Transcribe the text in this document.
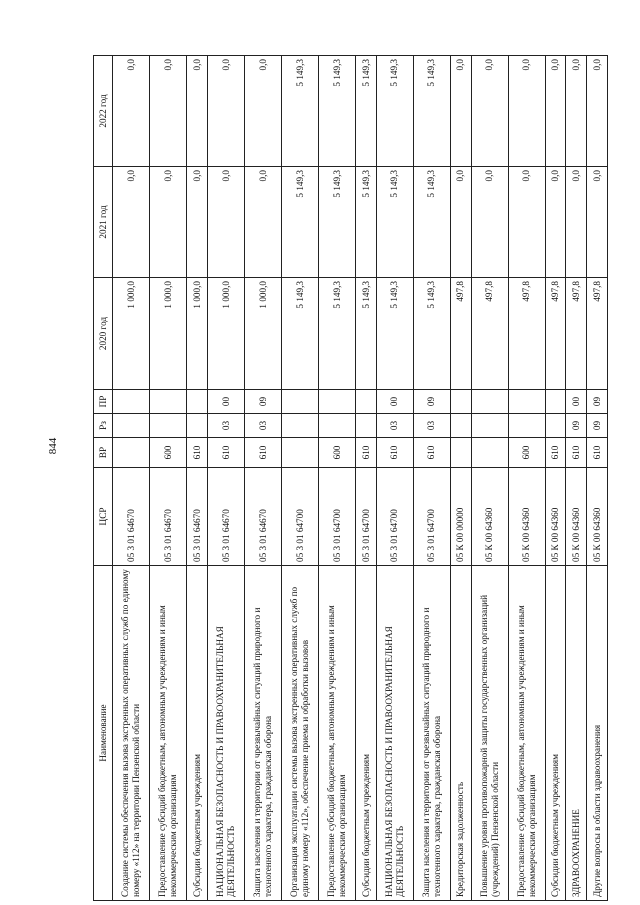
844
Наименование	ЦСР	ВР	Рз	ПР	2020 год	2021 год	2022 год
Создание системы обеспечения вызова экстренных оперативных служб по единому номеру «112» на территории Пензенской области	05 3 01 64670				1 000,0	0,0	0,0
Предоставление субсидий бюджетным, автономным учреждениям и иным некоммерческим организациям	05 3 01 64670	600			1 000,0	0,0	0,0
Субсидии бюджетным учреждениям	05 3 01 64670	610			1 000,0	0,0	0,0
НАЦИОНАЛЬНАЯ БЕЗОПАСНОСТЬ И ПРАВООХРАНИТЕЛЬНАЯ ДЕЯТЕЛЬНОСТЬ	05 3 01 64670	610	03	00	1 000,0	0,0	0,0
Защита населения и территории от чрезвычайных ситуаций природного и техногенного характера, гражданская оборона	05 3 01 64670	610	03	09	1 000,0	0,0	0,0
Организация эксплуатации системы вызова экстренных оперативных служб по единому номеру «112», обеспечение приема и обработки вызовов	05 3 01 64700				5 149,3	5 149,3	5 149,3
Предоставление субсидий бюджетным, автономным учреждениям и иным некоммерческим организациям	05 3 01 64700	600			5 149,3	5 149,3	5 149,3
Субсидии бюджетным учреждениям	05 3 01 64700	610			5 149,3	5 149,3	5 149,3
НАЦИОНАЛЬНАЯ БЕЗОПАСНОСТЬ И ПРАВООХРАНИТЕЛЬНАЯ ДЕЯТЕЛЬНОСТЬ	05 3 01 64700	610	03	00	5 149,3	5 149,3	5 149,3
Защита населения и территории от чрезвычайных ситуаций природного и техногенного характера, гражданская оборона	05 3 01 64700	610	03	09	5 149,3	5 149,3	5 149,3
Кредиторская задолженность	05 К 00 00000				497,8	0,0	0,0
Повышение уровня противопожарной защиты государственных организаций (учреждений) Пензенской области	05 К 00 64360				497,8	0,0	0,0
Предоставление субсидий бюджетным, автономным учреждениям и иным некоммерческим организациям	05 К 00 64360	600			497,8	0,0	0,0
Субсидии бюджетным учреждениям	05 К 00 64360	610			497,8	0,0	0,0
ЗДРАВООХРАНЕНИЕ	05 К 00 64360	610	09	00	497,8	0,0	0,0
Другие вопросы в области здравоохранения	05 К 00 64360	610	09	09	497,8	0,0	0,0
